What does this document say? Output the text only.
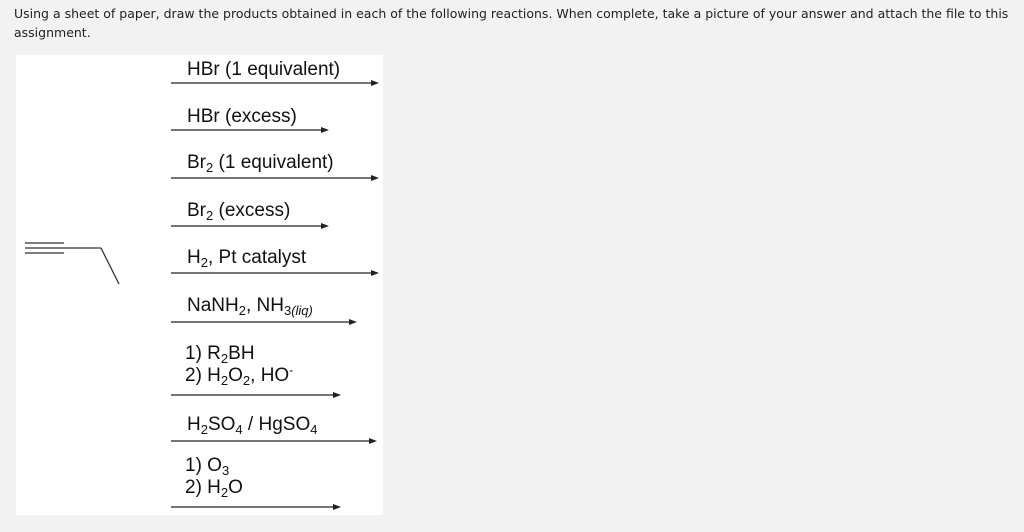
Using a sheet of paper, draw the products obtained in each of the following reactions. When complete, take a picture of your answer and attach the file to this assignment.
HBr (1 equivalent)
HBr (excess)
$Br_2$ (1 equivalent)
$Br_2$ (excess)
$H_2$, Pt catalyst
NaNH$_2$, $NH_{3(liq)}$
1) $R_2BH$
2) $H_2O_2$, HO-
$H_2SO_4$ / HgSO$_4$
1) $O_3$
2) $H_2O$
